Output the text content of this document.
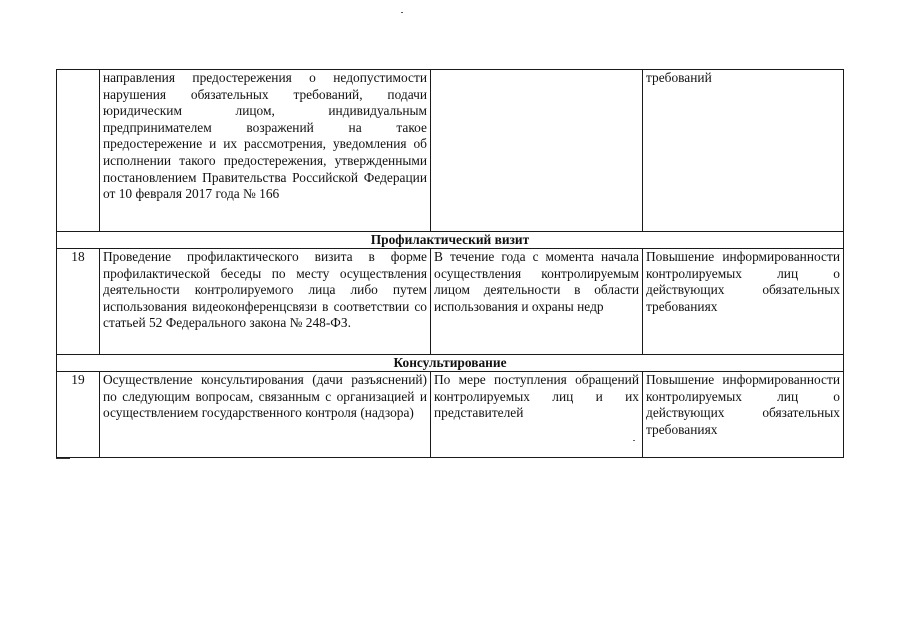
	направления предостережения о недопустимости нарушения обязательных требований, подачи юридическим лицом, индивидуальным предпринимателем возражений на такое предостережение и их рассмотрения, уведомления об исполнении такого предостережения, утвержденными постановлением Правительства Российской Федерации от 10 февраля 2017 года № 166		требований
Профилактический визит			
18	Проведение профилактического визита в форме профилактической беседы по месту осуществления деятельности контролируемого лица либо путем использования видеоконференцсвязи в соответствии со статьей 52 Федерального закона № 248-ФЗ.	В течение года с момента начала осуществления контролируемым лицом деятельности в области использования и охраны недр	Повышение информированности контролируемых лиц о действующих обязательных требованиях
Консультирование			
19	Осуществление консультирования (дачи разъяснений) по следующим вопросам, связанным с организацией и осуществлением государственного контроля (надзора)	По мере поступления обращений контролируемых лиц и их представителей	Повышение информированности контролируемых лиц о действующих обязательных требованиях
